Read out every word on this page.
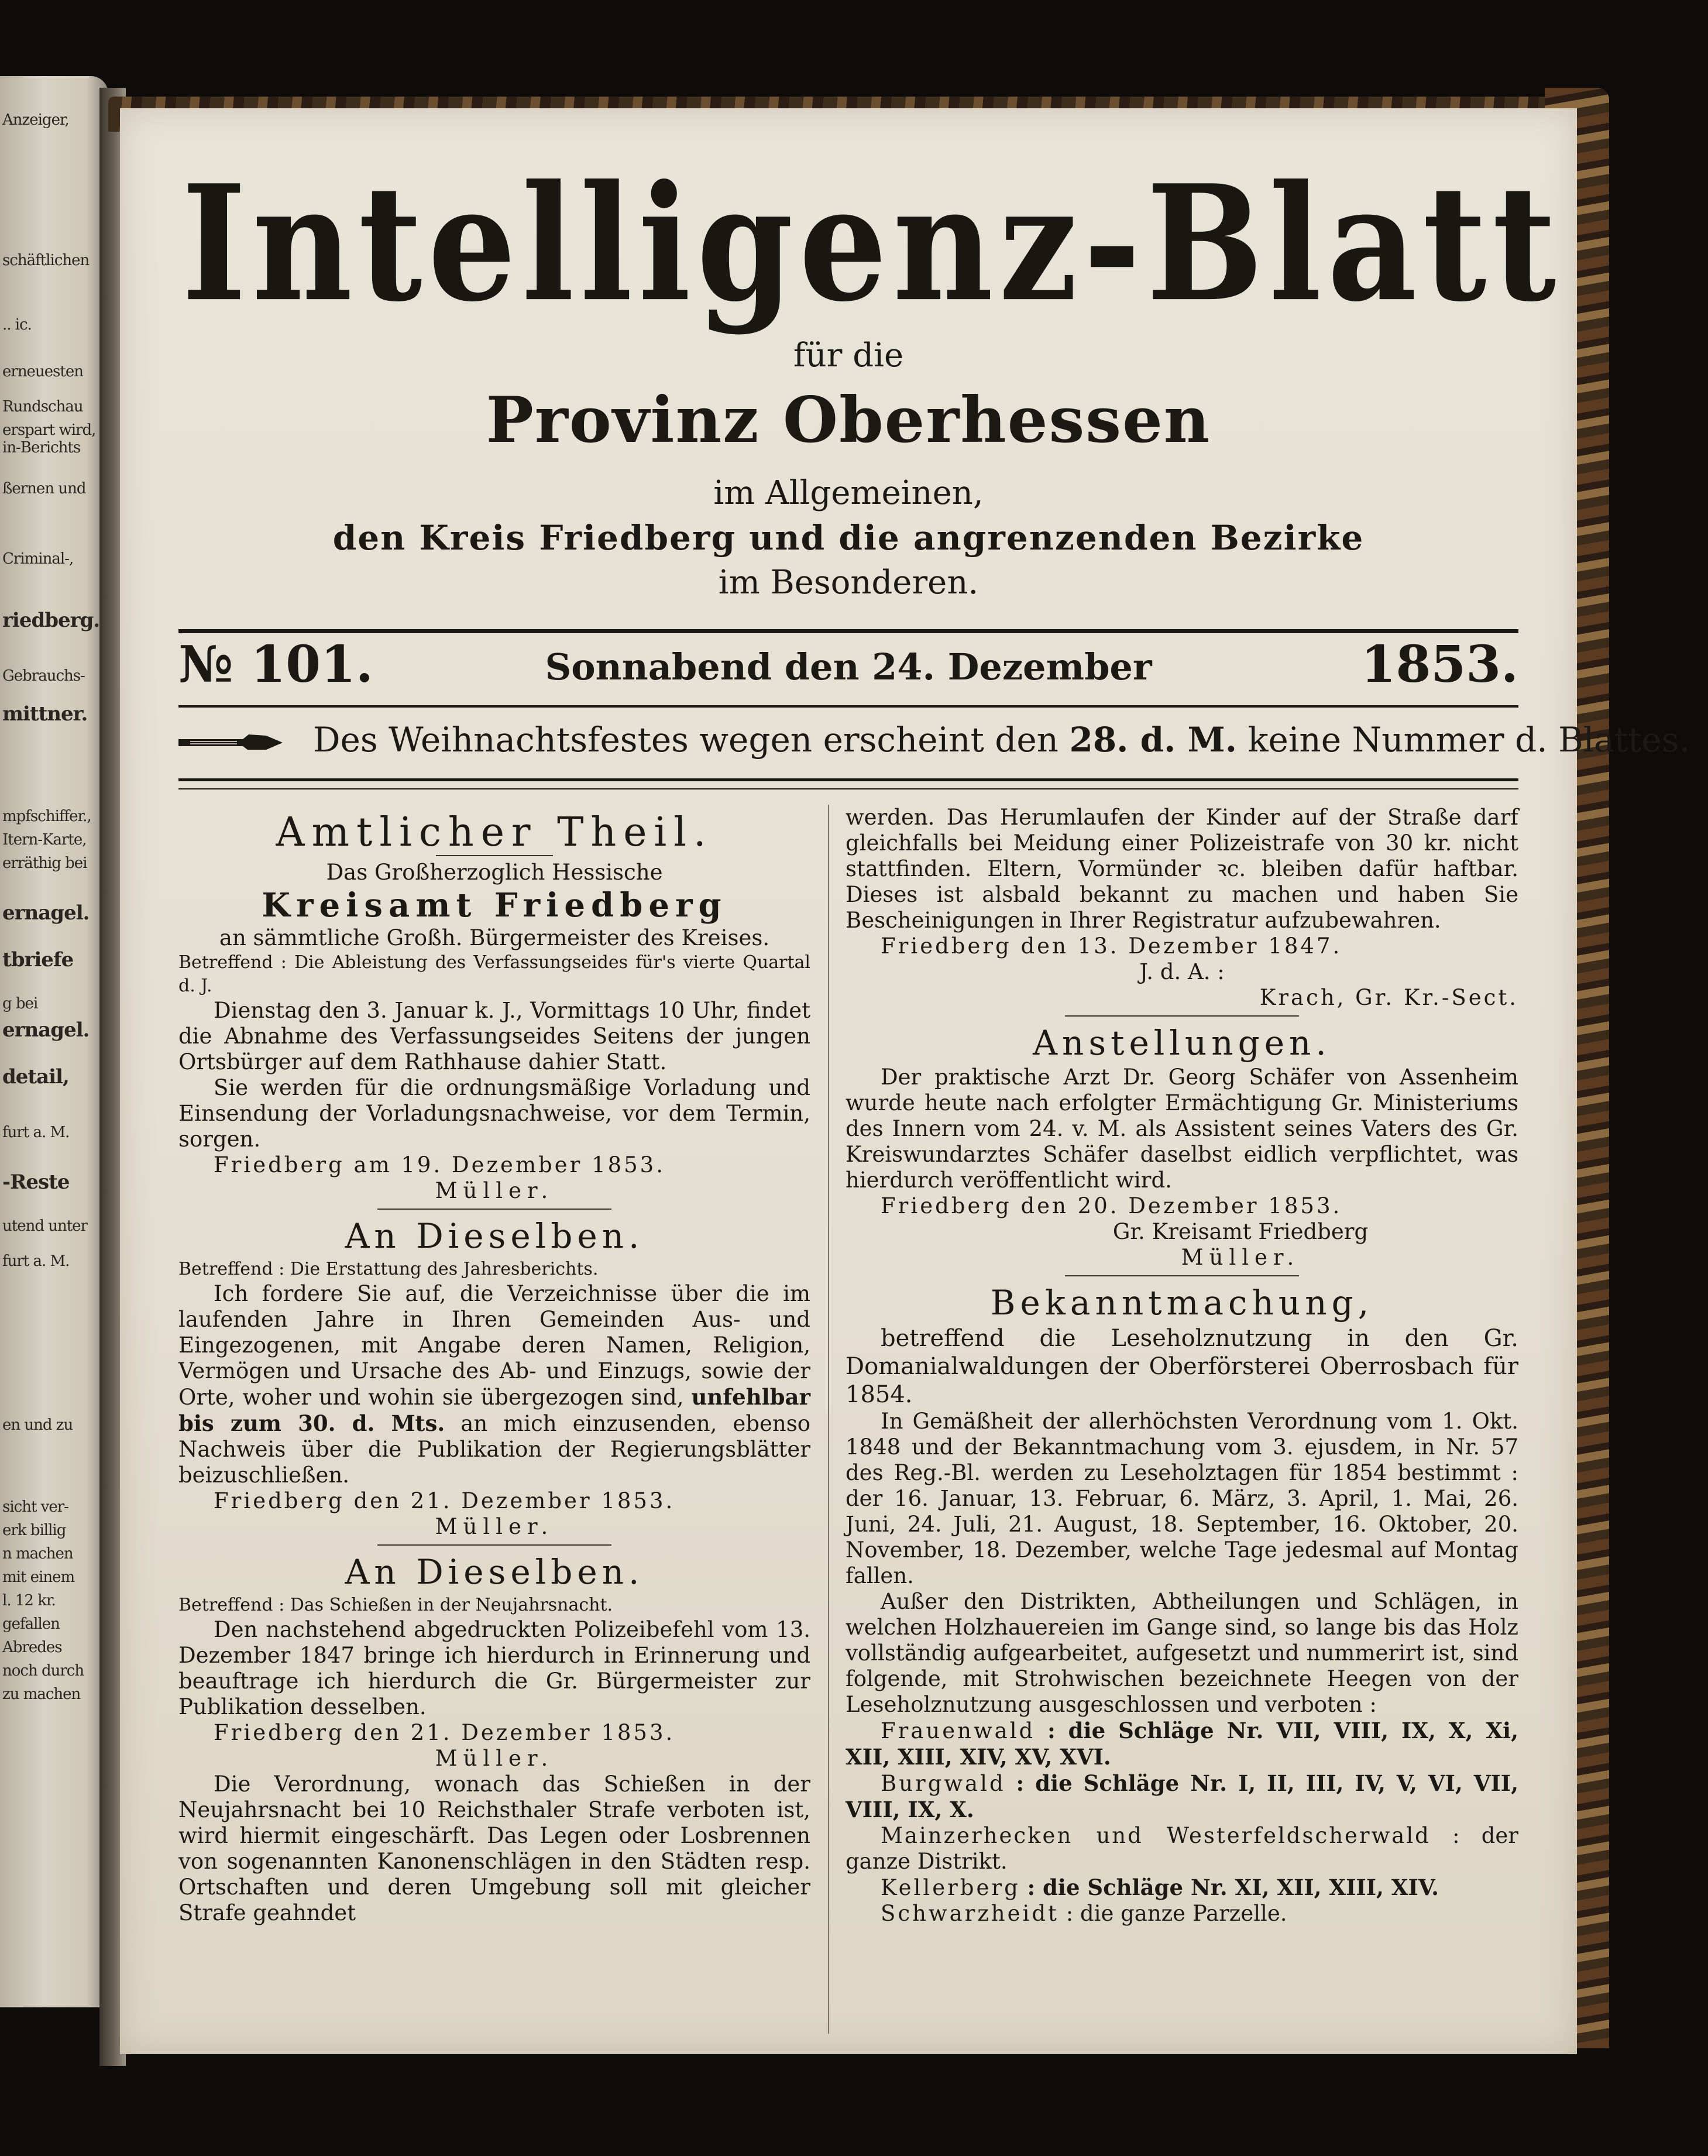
Anzeiger,
schäftlichen
.. ic.
erneuesten
Rundschau
erspart wird,
in-Berichts
ßernen und
Criminal-,
riedberg.
Gebrauchs-
mittner.
mpfschiffer.,
Itern-Karte,
erräthig bei
ernagel.
tbriefe
g bei
ernagel.
detail,
furt a. M.
-Reste
utend unter
furt a. M.
en und zu
sicht ver-
erk billig
n machen
mit einem
l. 12 kr.
gefallen
Abredes
noch durch
zu machen
Intelligenz-Blatt
für die
Provinz Oberhessen
im Allgemeinen,
den Kreis Friedberg und die angrenzenden Bezirke
im Besonderen.
№ 101.	Sonnabend den 24. Dezember	1853.
Des Weihnachtsfestes wegen erscheint den 28. d. M. keine Nummer d. Blattes.

Amtlicher Theil.

Das Großherzoglich Hessische

Kreisamt Friedberg

an sämmtliche Großh. Bürgermeister des Kreises.

Betreffend : Die Ableistung des Verfassungseides für's vierte Quartal d. J.

Dienstag den 3. Januar k. J., Vormittags 10 Uhr, findet die Abnahme des Verfassungseides Seitens der jungen Ortsbürger auf dem Rathhause dahier Statt.

Sie werden für die ordnungsmäßige Vorladung und Einsendung der Vorladungsnachweise, vor dem Termin, sorgen.

Friedberg am 19. Dezember 1853.

Müller.

An Dieselben.

Betreffend : Die Erstattung des Jahresberichts.

Ich fordere Sie auf, die Verzeichnisse über die im laufenden Jahre in Ihren Gemeinden Aus- und Eingezogenen, mit Angabe deren Namen, Religion, Vermögen und Ursache des Ab- und Einzugs, sowie der Orte, woher und wohin sie übergezogen sind, unfehlbar bis zum 30. d. Mts. an mich einzusenden, ebenso Nachweis über die Publikation der Regierungsblätter beizuschließen.

Friedberg den 21. Dezember 1853.

Müller.

An Dieselben.

Betreffend : Das Schießen in der Neujahrsnacht.

Den nachstehend abgedruckten Polizeibefehl vom 13. Dezember 1847 bringe ich hierdurch in Erinnerung und beauftrage ich hierdurch die Gr. Bürgermeister zur Publikation desselben.

Friedberg den 21. Dezember 1853.

Müller.

Die Verordnung, wonach das Schießen in der Neujahrsnacht bei 10 Reichsthaler Strafe verboten ist, wird hiermit eingeschärft. Das Legen oder Losbrennen von sogenannten Kanonenschlägen in den Städten resp. Ortschaften und deren Umgebung soll mit gleicher Strafe geahndet

werden. Das Herumlaufen der Kinder auf der Straße darf gleichfalls bei Meidung einer Polizeistrafe von 30 kr. nicht stattfinden. Eltern, Vormünder ꝛc. bleiben dafür haftbar. Dieses ist alsbald bekannt zu machen und haben Sie Bescheinigungen in Ihrer Registratur aufzubewahren.

Friedberg den 13. Dezember 1847.

J. d. A. :

Krach, Gr. Kr.-Sect.

Anstellungen.

Der praktische Arzt Dr. Georg Schäfer von Assenheim wurde heute nach erfolgter Ermächtigung Gr. Ministeriums des Innern vom 24. v. M. als Assistent seines Vaters des Gr. Kreiswundarztes Schäfer daselbst eidlich verpflichtet, was hierdurch veröffentlicht wird.

Friedberg den 20. Dezember 1853.

Gr. Kreisamt Friedberg

Müller.

Bekanntmachung,

betreffend die Leseholznutzung in den Gr. Domanialwaldungen der Oberförsterei Oberrosbach für 1854.

In Gemäßheit der allerhöchsten Verordnung vom 1. Okt. 1848 und der Bekanntmachung vom 3. ejusdem, in Nr. 57 des Reg.-Bl. werden zu Leseholztagen für 1854 bestimmt : der 16. Januar, 13. Februar, 6. März, 3. April, 1. Mai, 26. Juni, 24. Juli, 21. August, 18. September, 16. Oktober, 20. November, 18. Dezember, welche Tage jedesmal auf Montag fallen.

Außer den Distrikten, Abtheilungen und Schlägen, in welchen Holzhauereien im Gange sind, so lange bis das Holz vollständig aufgearbeitet, aufgesetzt und nummerirt ist, sind folgende, mit Strohwischen bezeichnete Heegen von der Leseholznutzung ausgeschlossen und verboten :

Frauenwald : die Schläge Nr. VII, VIII, IX, X, Xi, XII, XIII, XIV, XV, XVI.

Burgwald : die Schläge Nr. I, II, III, IV, V, VI, VII, VIII, IX, X.

Mainzerhecken und Westerfeldscherwald : der ganze Distrikt.

Kellerberg : die Schläge Nr. XI, XII, XIII, XIV.

Schwarzheidt : die ganze Parzelle.
